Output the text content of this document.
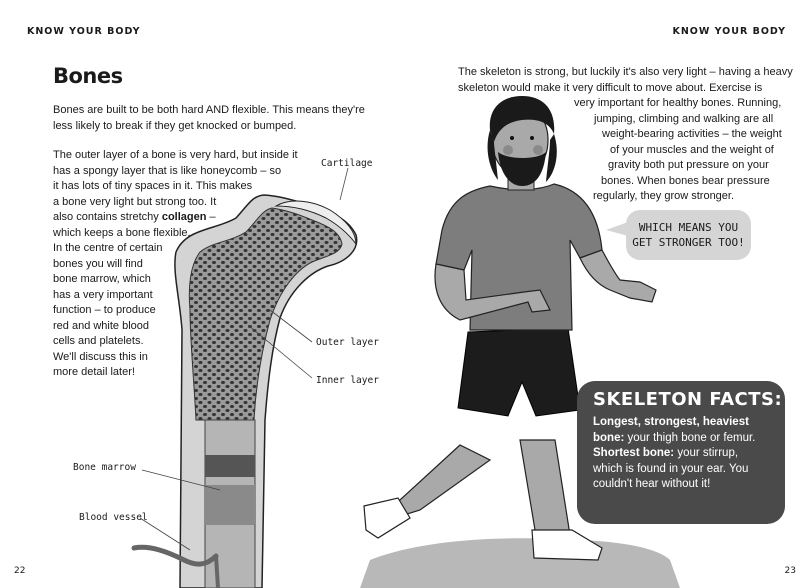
KNOW YOUR BODY	KNOW YOUR BODY
Bones
Bones are built to be both hard AND flexible. This means they're
less likely to break if they get knocked or bumped.
The outer layer of a bone is very hard, but inside it
has a spongy layer that is like honeycomb – so
it has lots of tiny spaces in it. This makes
a bone very light but strong too. It
also contains stretchy collagen –
which keeps a bone flexible.
In the centre of certain
bones you will find
bone marrow, which
has a very important
function – to produce
red and white blood
cells and platelets.
We'll discuss this in
more detail later!
Cartilage
Outer layer
Inner layer
Bone marrow
Blood vessel
22
The skeleton is strong, but luckily it's also very light – having a heavy
skeleton would make it very difficult to move about. Exercise is
very important for healthy bones. Running,
jumping, climbing and walking are all
weight-bearing activities – the weight
of your muscles and the weight of
gravity both put pressure on your
bones. When bones bear pressure
regularly, they grow stronger.
WHICH MEANS YOU
GET STRONGER TOO!
SKELETON FACTS:
Longest, strongest, heaviest
bone: your thigh bone or femur.
Shortest bone: your stirrup,
which is found in your ear. You
couldn't hear without it!
23
